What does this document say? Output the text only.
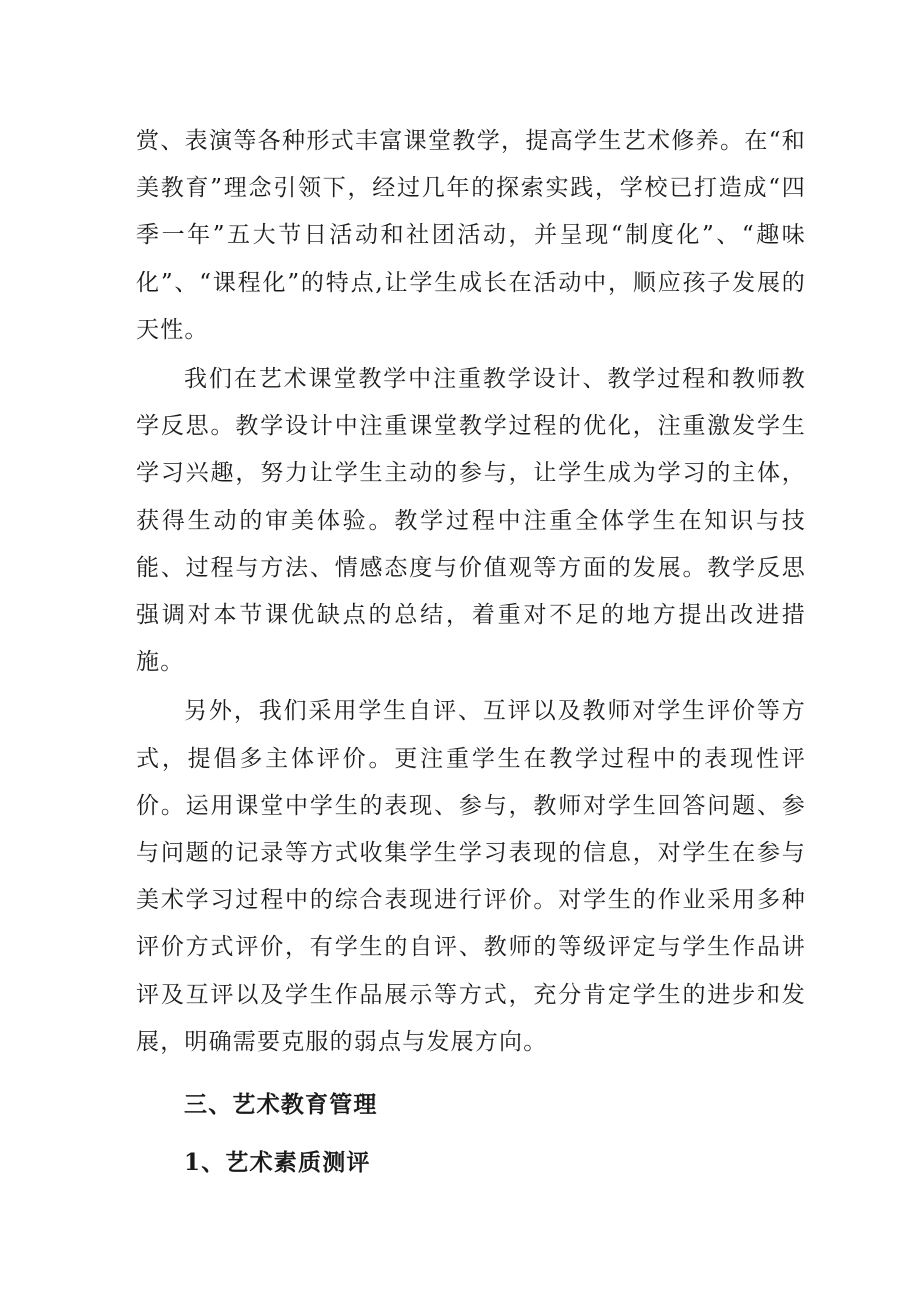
赏、表演等各种形式丰富课堂教学，提高学生艺术修养。在“和美教育”理念引领下，经过几年的探索实践，学校已打造成“四季一年”五大节日活动和社团活动，并呈现“制度化”、“趣味化”、“课程化”的特点,让学生成长在活动中，顺应孩子发展的天性。

我们在艺术课堂教学中注重教学设计、教学过程和教师教学反思。教学设计中注重课堂教学过程的优化，注重激发学生学习兴趣，努力让学生主动的参与，让学生成为学习的主体，获得生动的审美体验。教学过程中注重全体学生在知识与技能、过程与方法、情感态度与价值观等方面的发展。教学反思强调对本节课优缺点的总结，着重对不足的地方提出改进措施。

另外，我们采用学生自评、互评以及教师对学生评价等方式，提倡多主体评价。更注重学生在教学过程中的表现性评价。运用课堂中学生的表现、参与，教师对学生回答问题、参与问题的记录等方式收集学生学习表现的信息，对学生在参与美术学习过程中的综合表现进行评价。对学生的作业采用多种评价方式评价，有学生的自评、教师的等级评定与学生作品讲评及互评以及学生作品展示等方式，充分肯定学生的进步和发展，明确需要克服的弱点与发展方向。

三、艺术教育管理
1、艺术素质测评
